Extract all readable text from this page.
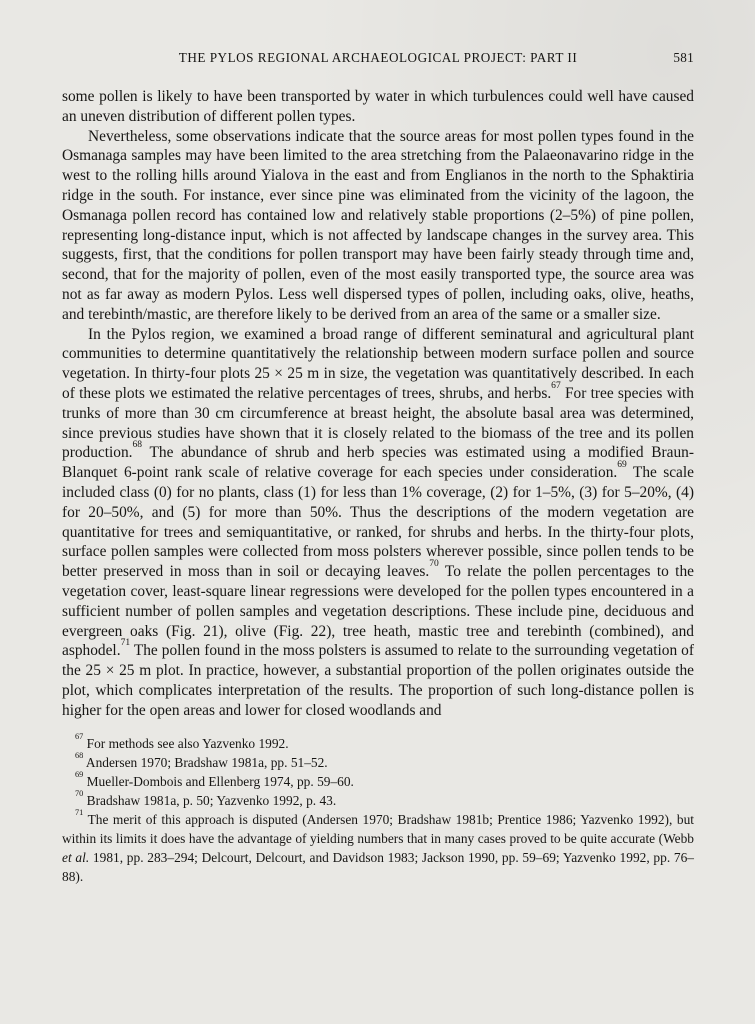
THE PYLOS REGIONAL ARCHAEOLOGICAL PROJECT: PART II	581

some pollen is likely to have been transported by water in which turbulences could well have caused an uneven distribution of different pollen types.

Nevertheless, some observations indicate that the source areas for most pollen types found in the Osmanaga samples may have been limited to the area stretching from the Palaeonavarino ridge in the west to the rolling hills around Yialova in the east and from Englianos in the north to the Sphaktiria ridge in the south. For instance, ever since pine was eliminated from the vicinity of the lagoon, the Osmanaga pollen record has contained low and relatively stable proportions (2–5%) of pine pollen, representing long-distance input, which is not affected by landscape changes in the survey area. This suggests, first, that the conditions for pollen transport may have been fairly steady through time and, second, that for the majority of pollen, even of the most easily transported type, the source area was not as far away as modern Pylos. Less well dispersed types of pollen, including oaks, olive, heaths, and terebinth/mastic, are therefore likely to be derived from an area of the same or a smaller size.

In the Pylos region, we examined a broad range of different seminatural and agricultural plant communities to determine quantitatively the relationship between modern surface pollen and source vegetation. In thirty-four plots 25 × 25 m in size, the vegetation was quantitatively described. In each of these plots we estimated the relative percentages of trees, shrubs, and herbs.$^{67}$ For tree species with trunks of more than 30 cm circumference at breast height, the absolute basal area was determined, since previous studies have shown that it is closely related to the biomass of the tree and its pollen production.$^{68}$ The abundance of shrub and herb species was estimated using a modified Braun-Blanquet 6-point rank scale of relative coverage for each species under consideration.$^{69}$ The scale included class (0) for no plants, class (1) for less than 1% coverage, (2) for 1–5%, (3) for 5–20%, (4) for 20–50%, and (5) for more than 50%. Thus the descriptions of the modern vegetation are quantitative for trees and semiquantitative, or ranked, for shrubs and herbs. In the thirty-four plots, surface pollen samples were collected from moss polsters wherever possible, since pollen tends to be better preserved in moss than in soil or decaying leaves.$^{70}$ To relate the pollen percentages to the vegetation cover, least-square linear regressions were developed for the pollen types encountered in a sufficient number of pollen samples and vegetation descriptions. These include pine, deciduous and evergreen oaks (Fig. 21), olive (Fig. 22), tree heath, mastic tree and terebinth (combined), and asphodel.$^{71}$ The pollen found in the moss polsters is assumed to relate to the surrounding vegetation of the 25 × 25 m plot. In practice, however, a substantial proportion of the pollen originates outside the plot, which complicates interpretation of the results. The proportion of such long-distance pollen is higher for the open areas and lower for closed woodlands and

$^{67}$ For methods see also Yazvenko 1992.

$^{68}$ Andersen 1970; Bradshaw 1981a, pp. 51–52.

$^{69}$ Mueller-Dombois and Ellenberg 1974, pp. 59–60.

$^{70}$ Bradshaw 1981a, p. 50; Yazvenko 1992, p. 43.

$^{71}$ The merit of this approach is disputed (Andersen 1970; Bradshaw 1981b; Prentice 1986; Yazvenko 1992), but within its limits it does have the advantage of yielding numbers that in many cases proved to be quite accurate (Webb et al. 1981, pp. 283–294; Delcourt, Delcourt, and Davidson 1983; Jackson 1990, pp. 59–69; Yazvenko 1992, pp. 76–88).
